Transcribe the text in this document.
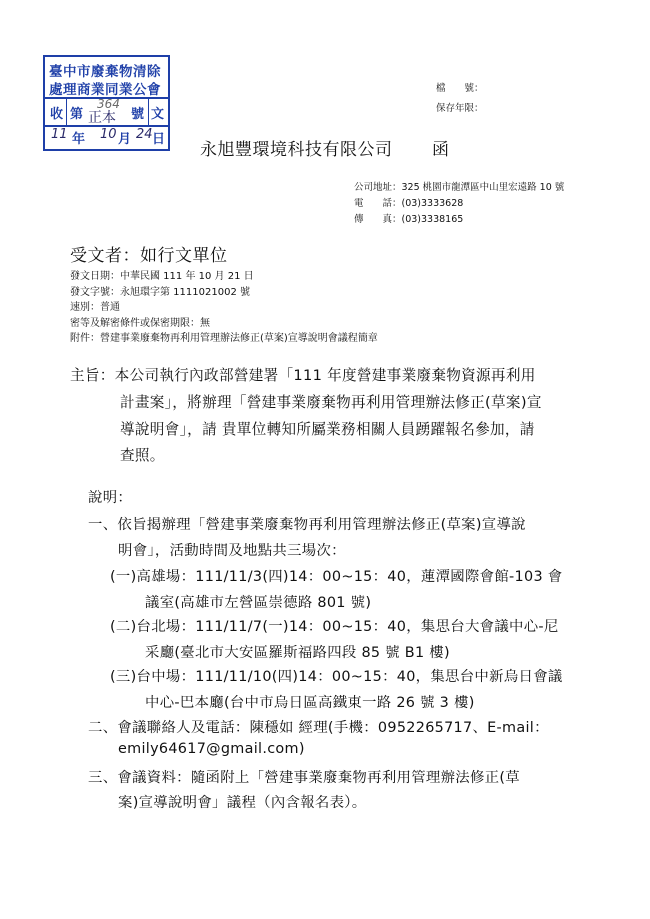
臺中市廢棄物清除
處理商業同業公會
收 第
364
正本 號 文
11 年 10 月 24 日
檔　　號：
保存年限：
永旭豐環境科技有限公司 函
公司地址：325 桃園市龍潭區中山里宏遠路 10 號
電　　話：(03)3333628
傳　　真：(03)3338165
受文者：如行文單位
發文日期：中華民國 111 年 10 月 21 日
發文字號：永旭環字第 1111021002 號
速別：普通
密等及解密條件或保密期限：無
附件：營建事業廢棄物再利用管理辦法修正(草案)宣導說明會議程簡章
主旨：本公司執行內政部營建署「111 年度營建事業廢棄物資源再利用
計畫案」，將辦理「營建事業廢棄物再利用管理辦法修正(草案)宣
導說明會」，請 貴單位轉知所屬業務相關人員踴躍報名參加，請
查照。
說明：
一、依旨揭辦理「營建事業廢棄物再利用管理辦法修正(草案)宣導說
明會」，活動時間及地點共三場次：
(一)高雄場：111/11/3(四)14：00~15：40，蓮潭國際會館-103 會
議室(高雄市左營區崇德路 801 號)
(二)台北場：111/11/7(一)14：00~15：40，集思台大會議中心-尼
采廳(臺北市大安區羅斯福路四段 85 號 B1 樓)
(三)台中場：111/11/10(四)14：00~15：40，集思台中新烏日會議
中心-巴本廳(台中市烏日區高鐵東一路 26 號 3 樓)
二、會議聯絡人及電話：陳穩如 經理(手機：0952265717、E-mail：
emily64617@gmail.com)
三、會議資料：隨函附上「營建事業廢棄物再利用管理辦法修正(草
案)宣導說明會」議程（內含報名表）。
